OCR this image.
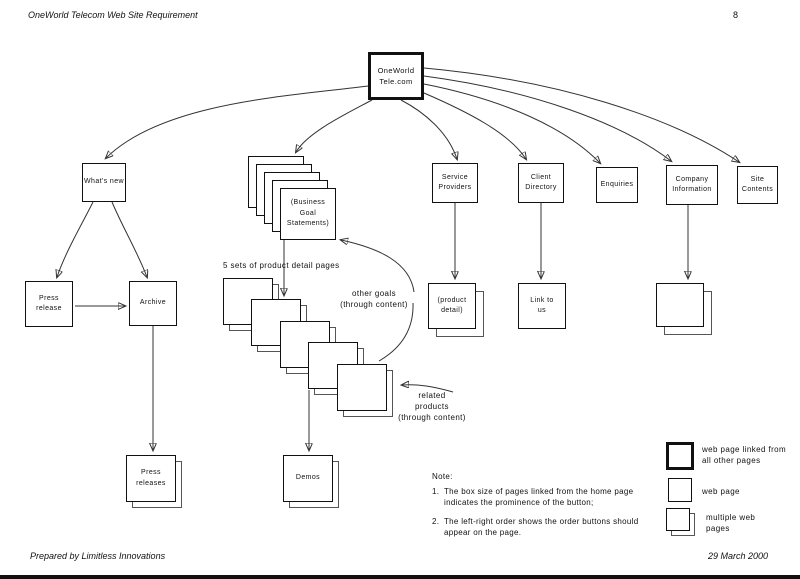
OneWorld Telecom Web Site Requirement	8
Prepared by Limitless Innovations	29 March 2000
OneWorld Tele.com
What's new
(Business Goal Statements)
Service Providers
Client Directory	Enquiries
Company Information
Site Contents
Press release
Archive	(product detail)
Link to us
5 sets of product detail pages
other goals
(through content)
related
products
(through content)
Press releases
Demos	Note:
1. The box size of pages linked from the home page indicates the prominence of the button;
2. The left-right order shows the order buttons should appear on the page.
web page linked from all other pages
web page
multiple web pages
